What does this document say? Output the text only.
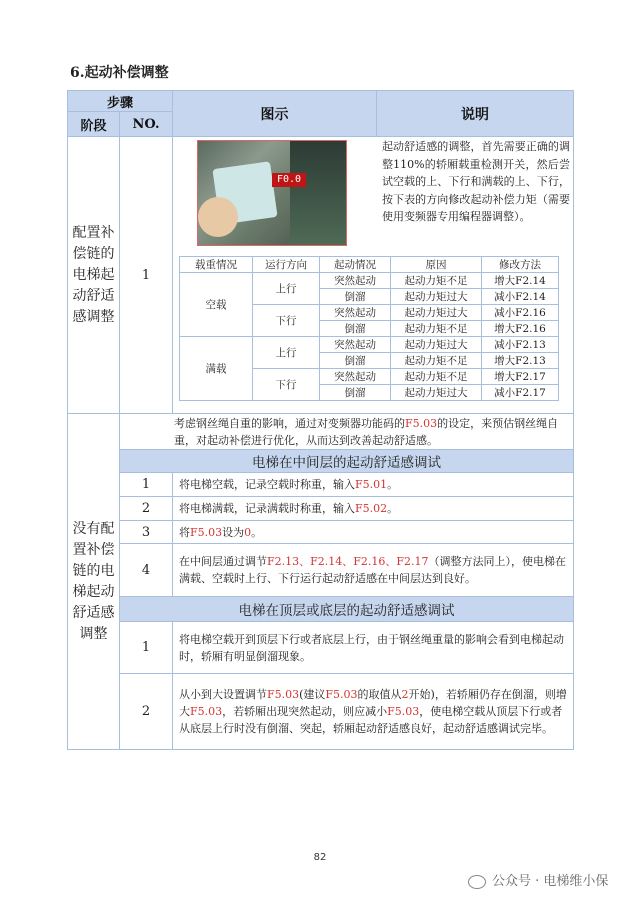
6.起动补偿调整
步骤
阶段	NO.
图示	说明
配置补偿链的电梯起动舒适感调整
1
F0.0
起动舒适感的调整，首先需要正确的调整110%的轿厢载重检测开关，然后尝试空载的上、下行和满载的上、下行，按下表的方向修改起动补偿力矩（需要使用变频器专用编程器调整）。
载重情况	运行方向	起动情况	原因	修改方法
空载	上行	突然起动	起动力矩不足	增大F2.14
		倒溜	起动力矩过大	减小F2.14
	下行	突然起动	起动力矩过大	减小F2.16
		倒溜	起动力矩不足	增大F2.16
满载	上行	突然起动	起动力矩过大	减小F2.13
		倒溜	起动力矩不足	增大F2.13
	下行	突然起动	起动力矩不足	增大F2.17
		倒溜	起动力矩过大	减小F2.17
没有配置补偿链的电梯起动舒适感调整
考虑钢丝绳自重的影响，通过对变频器功能码的F5.03的设定，来预估钢丝绳自重，对起动补偿进行优化，从而达到改善起动舒适感。
电梯在中间层的起动舒适感调试
1	将电梯空载，记录空载时称重，输入 F5.01 。
2	将电梯满载，记录满载时称重，输入 F5.02 。
3	将 F5.03 设为 0 。
4
在中间层通过调节F2.13、F2.14、F2.16、F2.17（调整方法同上），使电梯在满载、空载时上行、下行运行起动舒适感在中间层达到良好。
电梯在顶层或底层的起动舒适感调试
1
将电梯空载开到顶层下行或者底层上行，由于钢丝绳重量的影响会看到电梯起动时，轿厢有明显倒溜现象。
2
从小到大设置调节F5.03(建议F5.03的取值从2开始)，若轿厢仍存在倒溜，则增大F5.03，若轿厢出现突然起动，则应减小F5.03，使电梯空载从顶层下行或者从底层上行时没有倒溜、突起，轿厢起动舒适感良好，起动舒适感调试完毕。
82
公众号 · 电梯维小保
